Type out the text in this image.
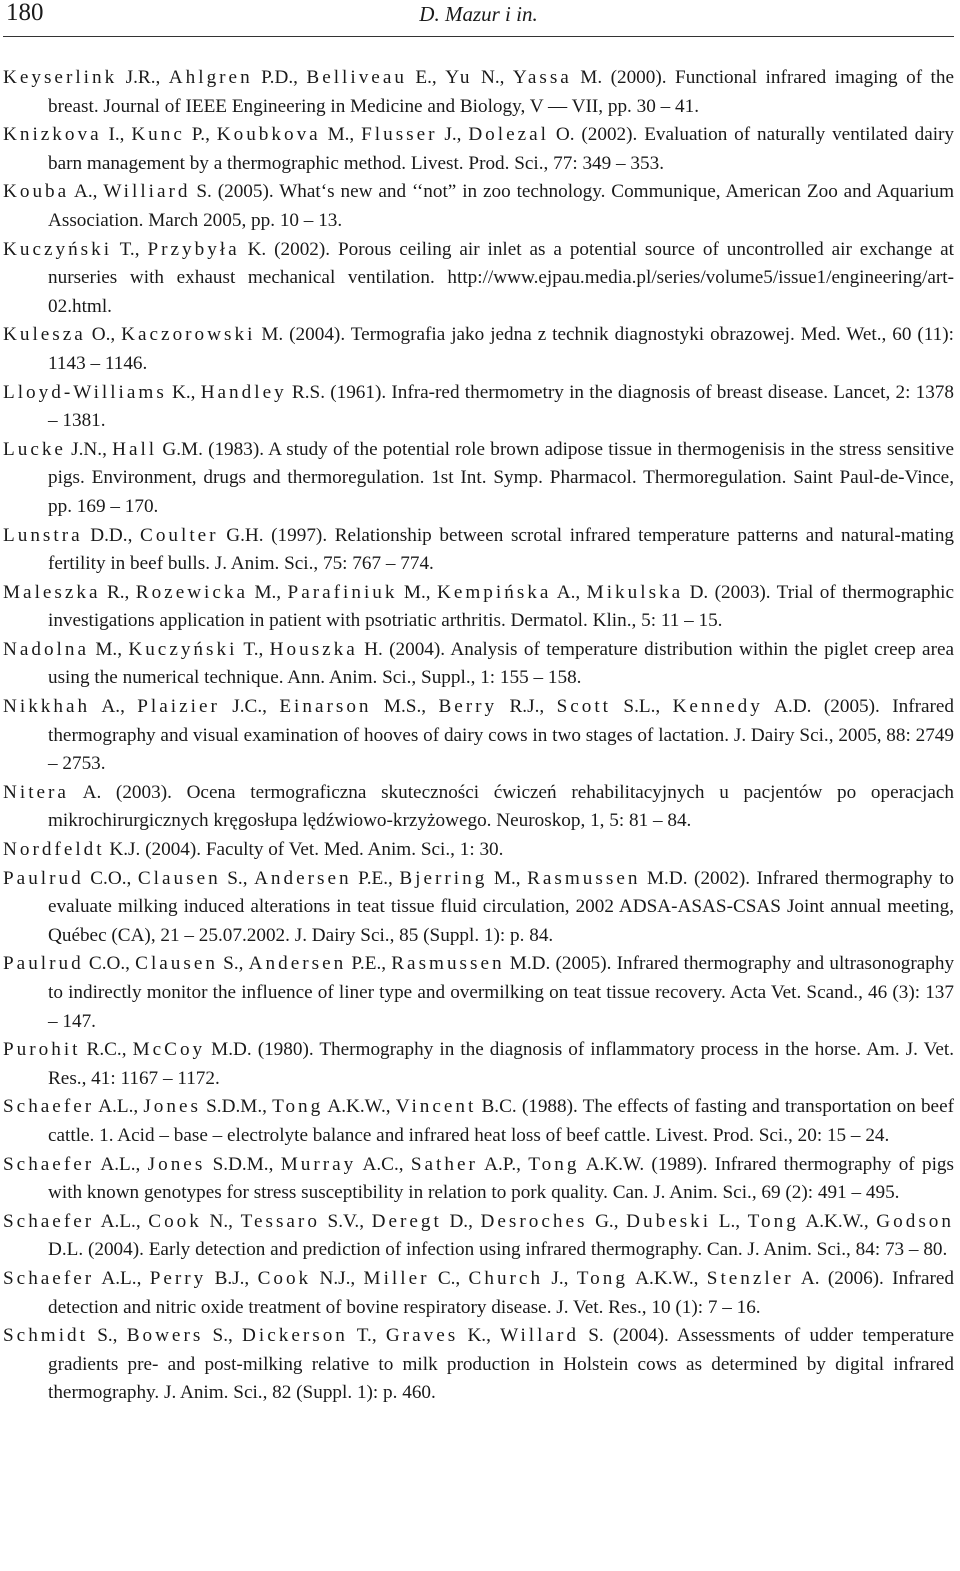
180	D. Mazur i in.

Keyserlink J.R., Ahlgren P.D., Belliveau E., Yu N., Yassa M. (2000). Functional infrared imaging of the breast. Journal of IEEE Engineering in Medicine and Biology, V — VII, pp. 30 – 41.

Knizkova I., Kunc P., Koubkova M., Flusser J., Dolezal O. (2002). Evaluation of naturally ventilated dairy barn management by a thermographic method. Livest. Prod. Sci., 77: 349 – 353.

Kouba A., Williard S. (2005). What‘s new and ‘‘not” in zoo technology. Communique, American Zoo and Aquarium Association. March 2005, pp. 10 – 13.

Kuczyński T., Przybyła K. (2002). Porous ceiling air inlet as a potential source of uncontrolled air exchange at nurseries with exhaust mechanical ventilation. http://www.ejpau.media.pl/series/volume5/issue1/engineering/art-02.html.

Kulesza O., Kaczorowski M. (2004). Termografia jako jedna z technik diagnostyki obrazowej. Med. Wet., 60 (11): 1143 – 1146.

Lloyd-Williams K., Handley R.S. (1961). Infra-red thermometry in the diagnosis of breast disease. Lancet, 2: 1378 – 1381.

Lucke J.N., Hall G.M. (1983). A study of the potential role brown adipose tissue in thermogenisis in the stress sensitive pigs. Environment, drugs and thermoregulation. 1st Int. Symp. Pharmacol. Thermoregulation. Saint Paul-de-Vince, pp. 169 – 170.

Lunstra D.D., Coulter G.H. (1997). Relationship between scrotal infrared temperature patterns and natural-mating fertility in beef bulls. J. Anim. Sci., 75: 767 – 774.

Maleszka R., Rozewicka M., Parafiniuk M., Kempińska A., Mikulska D. (2003). Trial of thermographic investigations application in patient with psotriatic arthritis. Dermatol. Klin., 5: 11 – 15.

Nadolna M., Kuczyński T., Houszka H. (2004). Analysis of temperature distribution within the piglet creep area using the numerical technique. Ann. Anim. Sci., Suppl., 1: 155 – 158.

Nikkhah A., Plaizier J.C., Einarson M.S., Berry R.J., Scott S.L., Kennedy A.D. (2005). Infrared thermography and visual examination of hooves of dairy cows in two stages of lactation. J. Dairy Sci., 2005, 88: 2749 – 2753.

Nitera A. (2003). Ocena termograficzna skuteczności ćwiczeń rehabilitacyjnych u pacjentów po operacjach mikrochirurgicznych kręgosłupa lędźwiowo-krzyżowego. Neuroskop, 1, 5: 81 – 84.

Nordfeldt K.J. (2004). Faculty of Vet. Med. Anim. Sci., 1: 30.

Paulrud C.O., Clausen S., Andersen P.E., Bjerring M., Rasmussen M.D. (2002). Infrared thermography to evaluate milking induced alterations in teat tissue fluid circulation, 2002 ADSA-ASAS-CSAS Joint annual meeting, Québec (CA), 21 – 25.07.2002. J. Dairy Sci., 85 (Suppl. 1): p. 84.

Paulrud C.O., Clausen S., Andersen P.E., Rasmussen M.D. (2005). Infrared thermography and ultrasonography to indirectly monitor the influence of liner type and overmilking on teat tissue recovery. Acta Vet. Scand., 46 (3): 137 – 147.

Purohit R.C., McCoy M.D. (1980). Thermography in the diagnosis of inflammatory process in the horse. Am. J. Vet. Res., 41: 1167 – 1172.

Schaefer A.L., Jones S.D.M., Tong A.K.W., Vincent B.C. (1988). The effects of fasting and transportation on beef cattle. 1. Acid – base – electrolyte balance and infrared heat loss of beef cattle. Livest. Prod. Sci., 20: 15 – 24.

Schaefer A.L., Jones S.D.M., Murray A.C., Sather A.P., Tong A.K.W. (1989). Infrared thermography of pigs with known genotypes for stress susceptibility in relation to pork quality. Can. J. Anim. Sci., 69 (2): 491 – 495.

Schaefer A.L., Cook N., Tessaro S.V., Deregt D., Desroches G., Dubeski L., Tong A.K.W., Godson D.L. (2004). Early detection and prediction of infection using infrared thermography. Can. J. Anim. Sci., 84: 73 – 80.

Schaefer A.L., Perry B.J., Cook N.J., Miller C., Church J., Tong A.K.W., Stenzler A. (2006). Infrared detection and nitric oxide treatment of bovine respiratory disease. J. Vet. Res., 10 (1): 7 – 16.

Schmidt S., Bowers S., Dickerson T., Graves K., Willard S. (2004). Assessments of udder temperature gradients pre- and post-milking relative to milk production in Holstein cows as determined by digital infrared thermography. J. Anim. Sci., 82 (Suppl. 1): p. 460.
